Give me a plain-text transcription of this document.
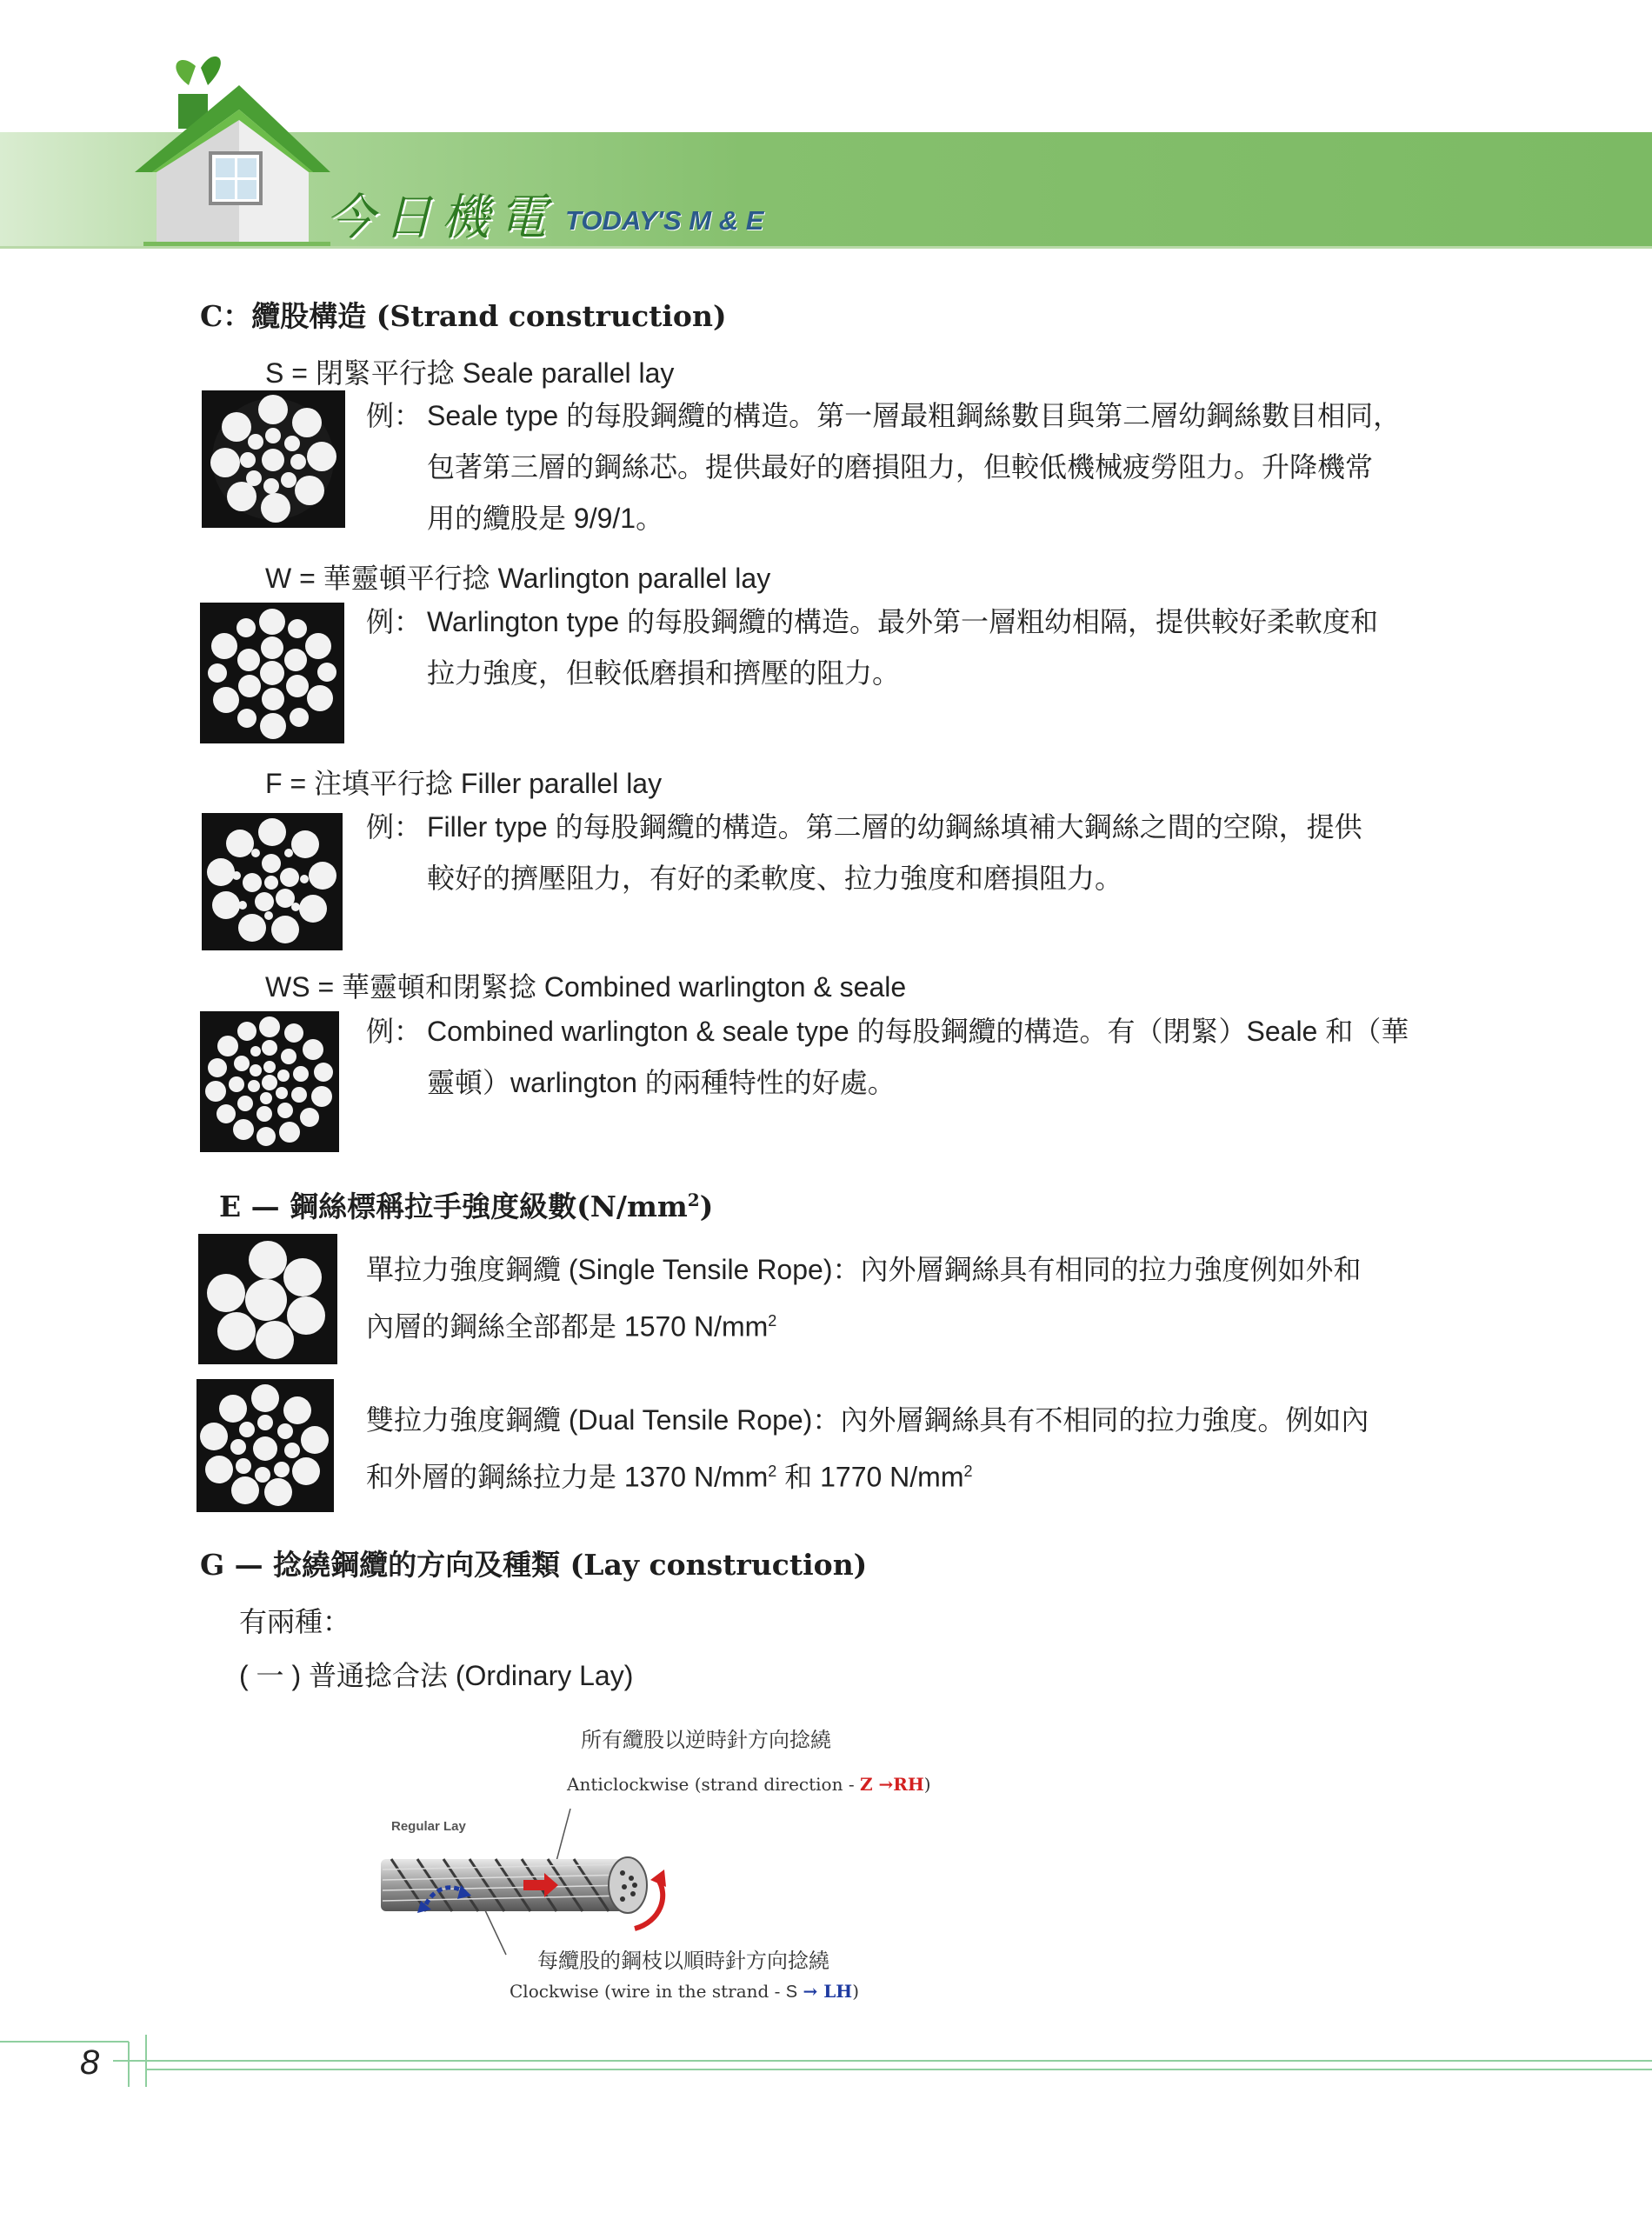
今日機電 TODAY'S M & E
C：纜股構造 (Strand construction)
S = 閉緊平行捻 Seale parallel lay
例： Seale type 的每股鋼纜的構造。第一層最粗鋼絲數目與第二層幼鋼絲數目相同，
包著第三層的鋼絲芯。提供最好的磨損阻力，但較低機械疲勞阻力。升降機常
用的纜股是 9/9/1。
W = 華靈頓平行捻 Warlington parallel lay
例： Warlington type 的每股鋼纜的構造。最外第一層粗幼相隔，提供較好柔軟度和
拉力強度，但較低磨損和擠壓的阻力。
F = 注填平行捻 Filler parallel lay
例： Filler type 的每股鋼纜的構造。第二層的幼鋼絲填補大鋼絲之間的空隙，提供
較好的擠壓阻力，有好的柔軟度、拉力強度和磨損阻力。
WS = 華靈頓和閉緊捻 Combined warlington & seale
例： Combined warlington & seale type 的每股鋼纜的構造。有（閉緊）Seale 和（華
靈頓）warlington 的兩種特性的好處。
E — 鋼絲標稱拉手強度級數$(N/mm^2)$
單拉力強度鋼纜 (Single Tensile Rope)：內外層鋼絲具有相同的拉力強度例如外和
內層的鋼絲全部都是 1570 $N/mm^2$
雙拉力強度鋼纜 (Dual Tensile Rope)：內外層鋼絲具有不相同的拉力強度。例如內
和外層的鋼絲拉力是 1370 $N/mm^2$ 和 1770 $N/mm^2$
G — 捻繞鋼纜的方向及種類 (Lay construction)
有兩種：
( 一 ) 普通捻合法 (Ordinary Lay)
所有纜股以逆時針方向捻繞
Anticlockwise (strand direction - Z →RH)
Regular Lay
每纜股的鋼枝以順時針方向捻繞
Clockwise (wire in the strand - S → LH)
8
